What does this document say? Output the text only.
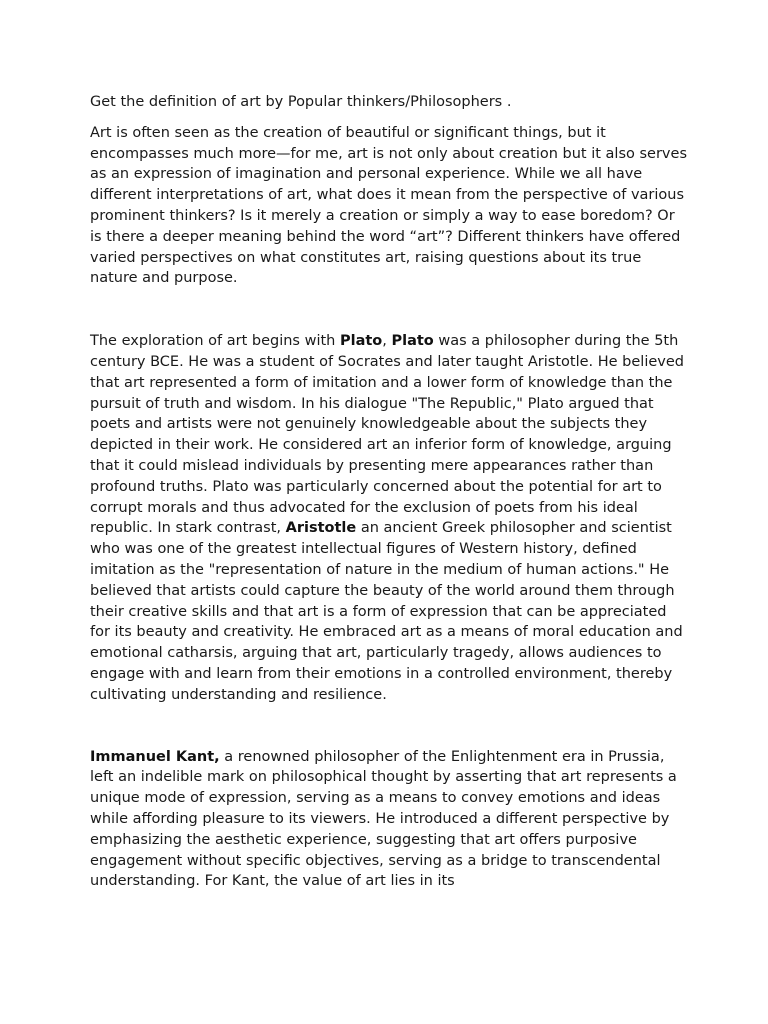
Get the definition of art by Popular thinkers/Philosophers .

Art is often seen as the creation of beautiful or significant things, but it encompasses much more—for me, art is not only about creation but it also serves as an expression of imagination and personal experience. While we all have different interpretations of art, what does it mean from the perspective of various prominent thinkers? Is it merely a creation or simply a way to ease boredom? Or is there a deeper meaning behind the word “art”? Different thinkers have offered varied perspectives on what constitutes art, raising questions about its true nature and purpose.

The exploration of art begins with Plato, Plato was a philosopher during the 5th century BCE. He was a student of Socrates and later taught Aristotle. He believed that art represented a form of imitation and a lower form of knowledge than the pursuit of truth and wisdom. In his dialogue "The Republic," Plato argued that poets and artists were not genuinely knowledgeable about the subjects they depicted in their work. He considered art an inferior form of knowledge, arguing that it could mislead individuals by presenting mere appearances rather than profound truths. Plato was particularly concerned about the potential for art to corrupt morals and thus advocated for the exclusion of poets from his ideal republic. In stark contrast, Aristotle an ancient Greek philosopher and scientist who was one of the greatest intellectual figures of Western history, defined imitation as the "representation of nature in the medium of human actions." He believed that artists could capture the beauty of the world around them through their creative skills and that art is a form of expression that can be appreciated for its beauty and creativity. He embraced art as a means of moral education and emotional catharsis, arguing that art, particularly tragedy, allows audiences to engage with and learn from their emotions in a controlled environment, thereby cultivating understanding and resilience.

Immanuel Kant, a renowned philosopher of the Enlightenment era in Prussia, left an indelible mark on philosophical thought by asserting that art represents a unique mode of expression, serving as a means to convey emotions and ideas while affording pleasure to its viewers. He introduced a different perspective by emphasizing the aesthetic experience, suggesting that art offers purposive engagement without specific objectives, serving as a bridge to transcendental understanding. For Kant, the value of art lies in its
